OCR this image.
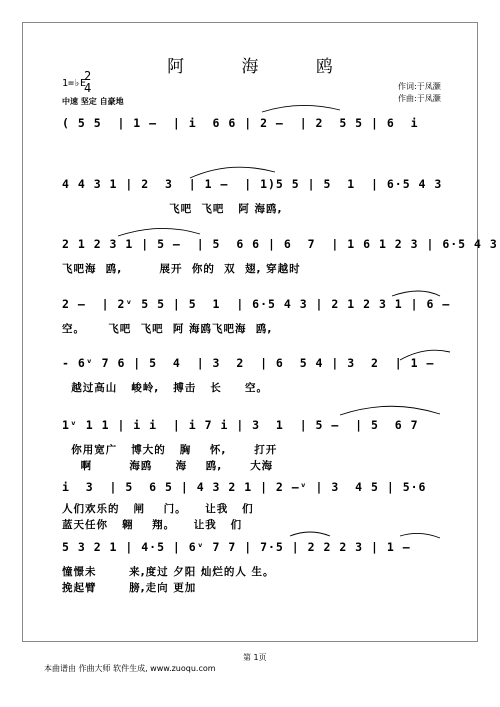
阿 海 鸥
1=♭E
2
4
中速 坚定 自豪地
作词:于凤灏
作曲:于凤灏
( 5 5  | 1 –  | i  6 6 | 2 –  | 2  5 5 | 6  i
4 4 3 1 | 2  3  | 1 –  | 1)5 5 | 5  1  | 6·5 4 3
飞吧  飞吧   阿 海鸥,
2 1 2 3 1 | 5 –  | 5  6 6 | 6  7  | 1 6 1 2 3 | 6·5 4 3
飞吧海  鸥,        展开  你的  双  翅, 穿越时
2 –  | 2ᵛ 5 5 | 5  1  | 6·5 4 3 | 2 1 2 3 1 | 6 –
空。     飞吧  飞吧  阿 海鸥飞吧海  鸥,
- 6ᵛ 7 6 | 5  4  | 3  2  | 6  5 4 | 3  2  | 1 –
越过高山   峻岭,   搏击   长     空。
1ᵛ 1 1 | i i  | i 7 i | 3  1  | 5 –  | 5  6 7
你用宽广   博大的   胸    怀,      打开
啊        海鸥     海    鸥,      大海
i  3  | 5  6 5 | 4 3 2 1 | 2 –ᵛ | 3  4 5 | 5·6
人们欢乐的   闸    门。    让我   们
蓝天任你   翱    翔。    让我   们
5 3 2 1 | 4·5 | 6ᵛ 7 7 | 7·5 | 2 2 2 3 | 1 –
憧憬未       来,度过 夕阳 灿烂的人 生。
挽起臂       膀,走向 更加
第 1页
本曲谱由 作曲大师 软件生成, www.zuoqu.com
